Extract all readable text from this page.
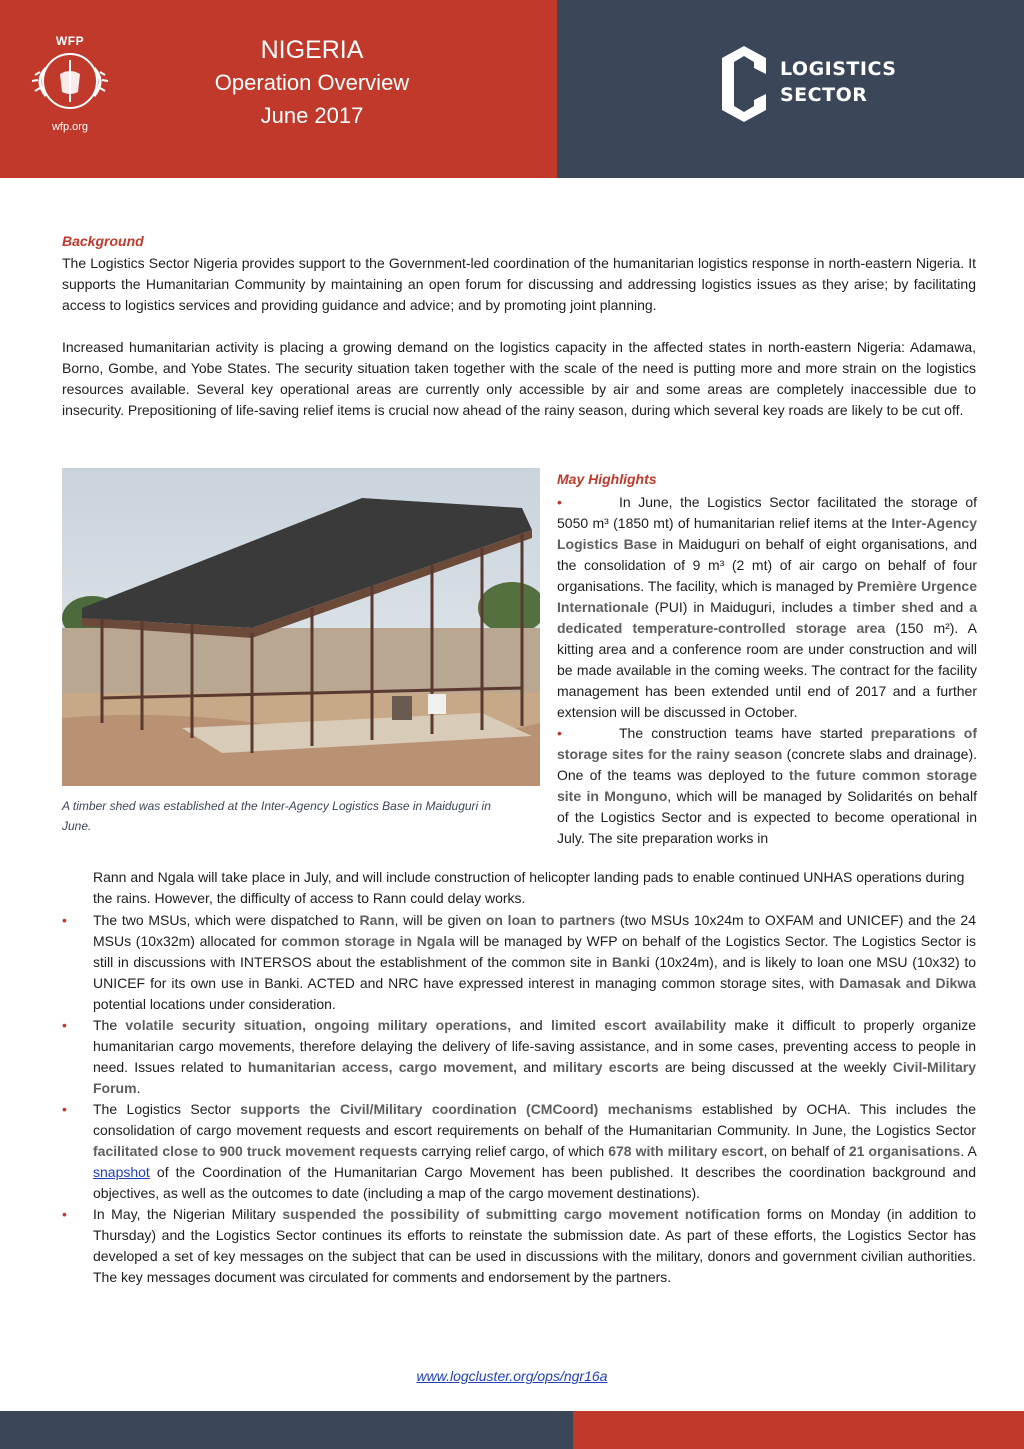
WFP
wfp.org
NIGERIA
Operation Overview
June 2017
LOGISTICS
SECTOR
Background

The Logistics Sector Nigeria provides support to the Government-led coordination of the humanitarian logistics response in north-eastern Nigeria. It supports the Humanitarian Community by maintaining an open forum for discussing and addressing logistics issues as they arise; by facilitating access to logistics services and providing guidance and advice; and by promoting joint planning.

Increased humanitarian activity is placing a growing demand on the logistics capacity in the affected states in north-eastern Nigeria: Adamawa, Borno, Gombe, and Yobe States. The security situation taken together with the scale of the need is putting more and more strain on the logistics resources available. Several key operational areas are currently only accessible by air and some areas are completely inaccessible due to insecurity. Prepositioning of life-saving relief items is crucial now ahead of the rainy season, during which several key roads are likely to be cut off.

A timber shed was established at the Inter-Agency Logistics Base in Maiduguri in June.
May Highlights
•	In June, the Logistics Sector facilitated the storage of 5050 m³ (1850 mt) of humanitarian relief items at the Inter-Agency Logistics Base in Maiduguri on behalf of eight organisations, and the consolidation of 9 m³ (2 mt) of air cargo on behalf of four organisations. The facility, which is managed by Première Urgence Internationale (PUI) in Maiduguri, includes a timber shed and a dedicated temperature-controlled storage area (150 m²). A kitting area and a conference room are under construction and will be made available in the coming weeks. The contract for the facility management has been extended until end of 2017 and a further extension will be discussed in October.
•	The construction teams have started preparations of storage sites for the rainy season (concrete slabs and drainage). One of the teams was deployed to the future common storage site in Monguno, which will be managed by Solidarités on behalf of the Logistics Sector and is expected to become operational in July. The site preparation works in

Rann and Ngala will take place in July, and will include construction of helicopter landing pads to enable continued UNHAS operations during the rains. However, the difficulty of access to Rann could delay works.

• The two MSUs, which were dispatched to Rann, will be given on loan to partners (two MSUs 10x24m to OXFAM and UNICEF) and the 24 MSUs (10x32m) allocated for common storage in Ngala will be managed by WFP on behalf of the Logistics Sector. The Logistics Sector is still in discussions with INTERSOS about the establishment of the common site in Banki (10x24m), and is likely to loan one MSU (10x32) to UNICEF for its own use in Banki. ACTED and NRC have expressed interest in managing common storage sites, with Damasak and Dikwa potential locations under consideration.
• The volatile security situation, ongoing military operations, and limited escort availability make it difficult to properly organize humanitarian cargo movements, therefore delaying the delivery of life-saving assistance, and in some cases, preventing access to people in need. Issues related to humanitarian access, cargo movement, and military escorts are being discussed at the weekly Civil-Military Forum.
• The Logistics Sector supports the Civil/Military coordination (CMCoord) mechanisms established by OCHA. This includes the consolidation of cargo movement requests and escort requirements on behalf of the Humanitarian Community. In June, the Logistics Sector facilitated close to 900 truck movement requests carrying relief cargo, of which 678 with military escort, on behalf of 21 organisations. A snapshot of the Coordination of the Humanitarian Cargo Movement has been published. It describes the coordination background and objectives, as well as the outcomes to date (including a map of the cargo movement destinations).
• In May, the Nigerian Military suspended the possibility of submitting cargo movement notification forms on Monday (in addition to Thursday) and the Logistics Sector continues its efforts to reinstate the submission date. As part of these efforts, the Logistics Sector has developed a set of key messages on the subject that can be used in discussions with the military, donors and government civilian authorities. The key messages document was circulated for comments and endorsement by the partners.
www.logcluster.org/ops/ngr16a
